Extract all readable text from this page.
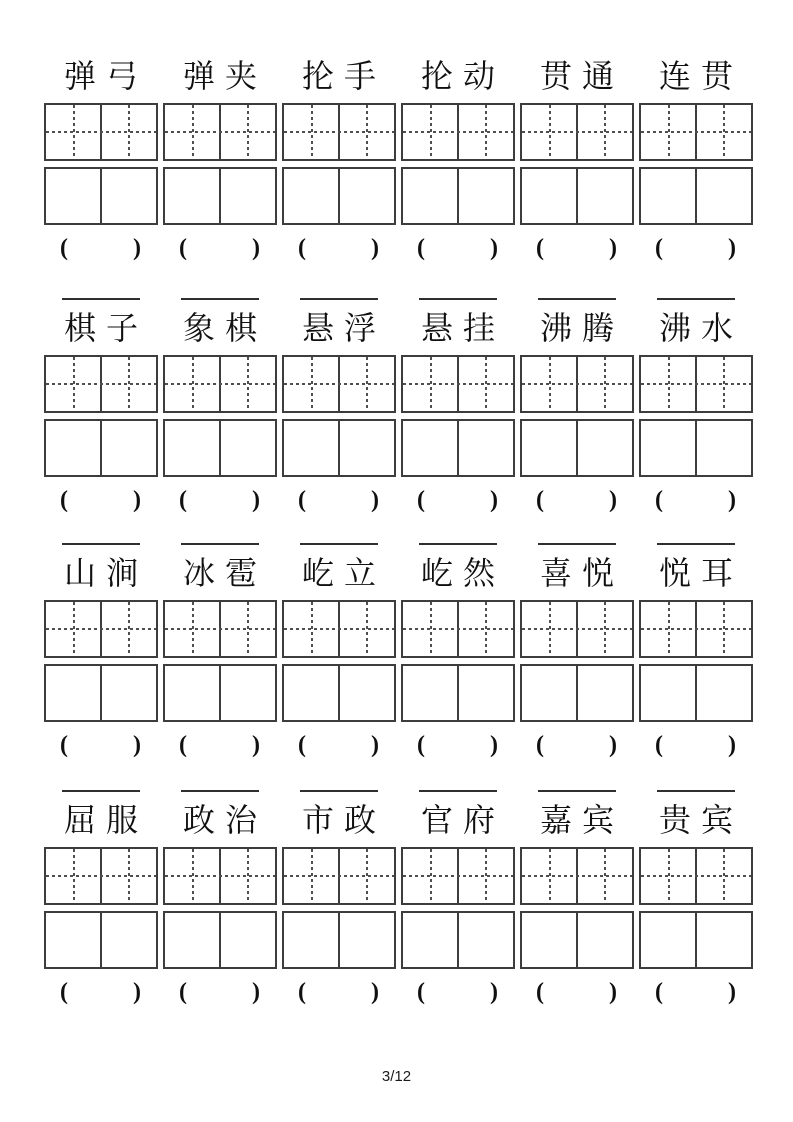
弹弓
(	)
弹夹
(	)
抡手
(	)
抡动
(	)
贯通
(	)
连贯
(	)
棋子
(	)
象棋
(	)
悬浮
(	)
悬挂
(	)
沸腾
(	)
沸水
(	)
山涧
(	)
冰雹
(	)
屹立
(	)
屹然
(	)
喜悦
(	)
悦耳
(	)
屈服
(	)
政治
(	)
市政
(	)
官府
(	)
嘉宾
(	)
贵宾
(	)
3/12
